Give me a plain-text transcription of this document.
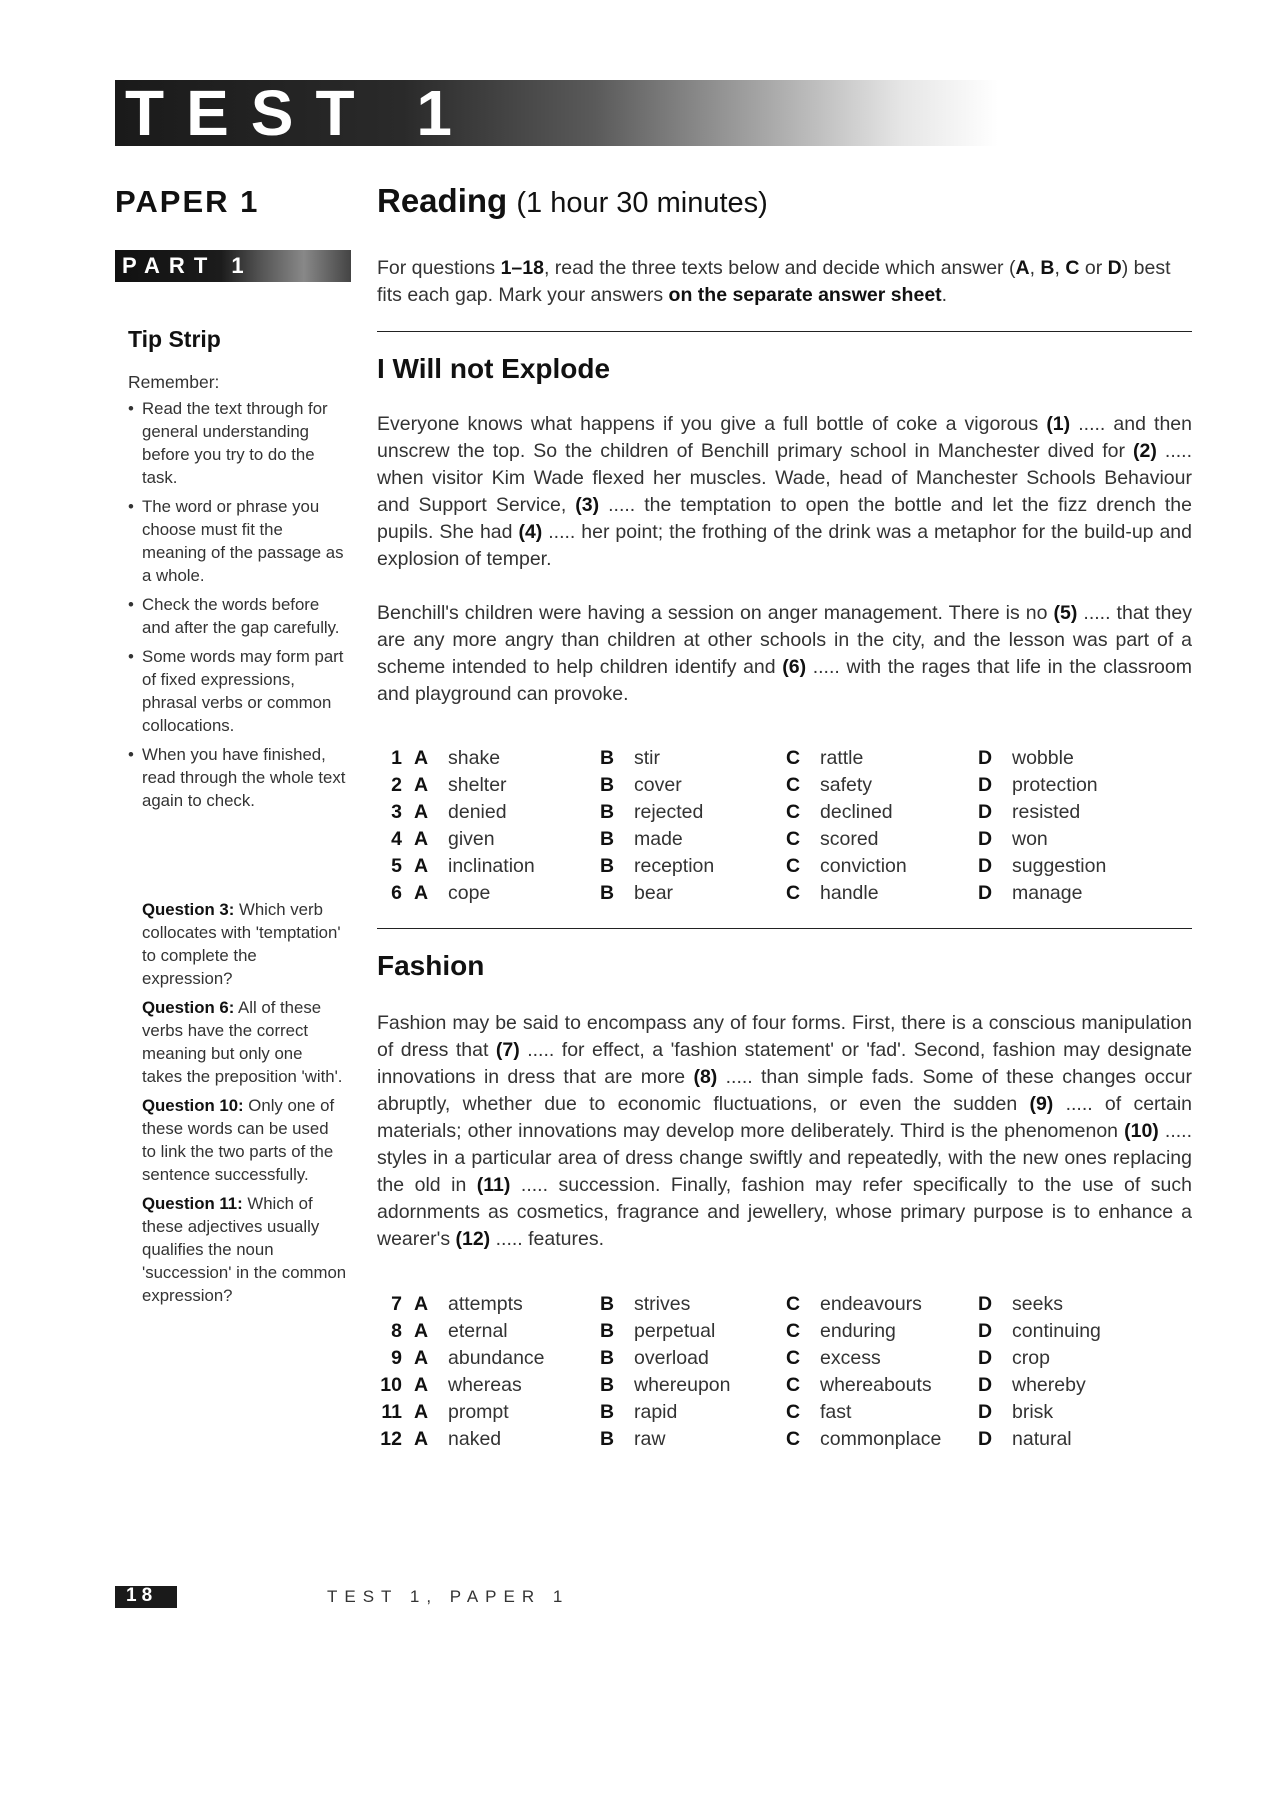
TEST 1
PAPER 1	Reading (1 hour 30 minutes)
PART 1	For questions 1–18, read the three texts below and decide which answer (A, B, C or D) best fits each gap. Mark your answers on the separate answer sheet.
Tip Strip
Remember:
• Read the text through for general understanding before you try to do the task.
• The word or phrase you choose must fit the meaning of the passage as a whole.
• Check the words before and after the gap carefully.
• Some words may form part of fixed expressions, phrasal verbs or common collocations.
• When you have finished, read through the whole text again to check.

Question 3: Which verb collocates with 'temptation' to complete the expression?

Question 6: All of these verbs have the correct meaning but only one takes the preposition 'with'.

Question 10: Only one of these words can be used to link the two parts of the sentence successfully.

Question 11: Which of these adjectives usually qualifies the noun 'succession' in the common expression?

I Will not Explode
Everyone knows what happens if you give a full bottle of coke a vigorous (1) ..... and then unscrew the top. So the children of Benchill primary school in Manchester dived for (2) ..... when visitor Kim Wade flexed her muscles. Wade, head of Manchester Schools Behaviour and Support Service, (3) ..... the temptation to open the bottle and let the fizz drench the pupils. She had (4) ..... her point; the frothing of the drink was a metaphor for the build-up and explosion of temper.
Benchill's children were having a session on anger management. There is no (5) ..... that they are any more angry than children at other schools in the city, and the lesson was part of a scheme intended to help children identify and (6) ..... with the rages that life in the classroom and playground can provoke.
1	A	shake	B	stir	C	rattle	D	wobble
2	A	shelter	B	cover	C	safety	D	protection
3	A	denied	B	rejected	C	declined	D	resisted
4	A	given	B	made	C	scored	D	won
5	A	inclination	B	reception	C	conviction	D	suggestion
6	A	cope	B	bear	C	handle	D	manage
Fashion
Fashion may be said to encompass any of four forms. First, there is a conscious manipulation of dress that (7) ..... for effect, a 'fashion statement' or 'fad'. Second, fashion may designate innovations in dress that are more (8) ..... than simple fads. Some of these changes occur abruptly, whether due to economic fluctuations, or even the sudden (9) ..... of certain materials; other innovations may develop more deliberately. Third is the phenomenon (10) ..... styles in a particular area of dress change swiftly and repeatedly, with the new ones replacing the old in (11) ..... succession. Finally, fashion may refer specifically to the use of such adornments as cosmetics, fragrance and jewellery, whose primary purpose is to enhance a wearer's (12) ..... features.
7	A	attempts	B	strives	C	endeavours	D	seeks
8	A	eternal	B	perpetual	C	enduring	D	continuing
9	A	abundance	B	overload	C	excess	D	crop
10	A	whereas	B	whereupon	C	whereabouts	D	whereby
11	A	prompt	B	rapid	C	fast	D	brisk
12	A	naked	B	raw	C	commonplace	D	natural
18	TEST 1, PAPER 1
